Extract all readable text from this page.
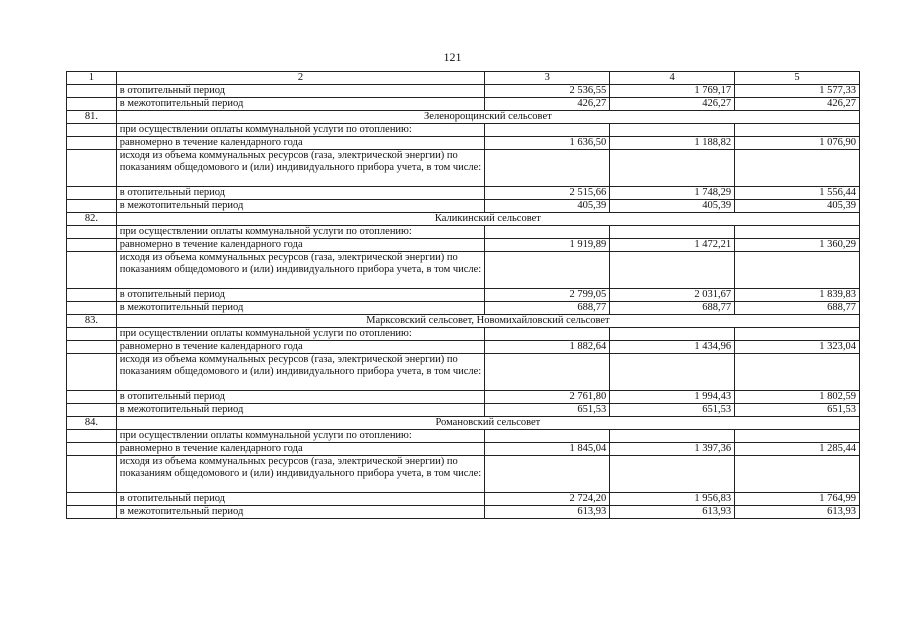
121
1	2	3	4	5
	в отопительный период	2 536,55	1 769,17	1 577,33
	в межотопительный период	426,27	426,27	426,27
81.	Зеленорощинский сельсовет			
	при осуществлении оплаты коммунальной услуги по отоплению:			
	равномерно в течение календарного года	1 636,50	1 188,82	1 076,90
	исходя из объема коммунальных ресурсов (газа, электрической энергии) по показаниям общедомового и (или) индивидуального прибора учета, в том числе:			
	в отопительный период	2 515,66	1 748,29	1 556,44
	в межотопительный период	405,39	405,39	405,39
82.	Каликинский сельсовет			
	при осуществлении оплаты коммунальной услуги по отоплению:			
	равномерно в течение календарного года	1 919,89	1 472,21	1 360,29
	исходя из объема коммунальных ресурсов (газа, электрической энергии) по показаниям общедомового и (или) индивидуального прибора учета, в том числе:			
	в отопительный период	2 799,05	2 031,67	1 839,83
	в межотопительный период	688,77	688,77	688,77
83.	Марксовский сельсовет, Новомихайловский сельсовет			
	при осуществлении оплаты коммунальной услуги по отоплению:			
	равномерно в течение календарного года	1 882,64	1 434,96	1 323,04
	исходя из объема коммунальных ресурсов (газа, электрической энергии) по показаниям общедомового и (или) индивидуального прибора учета, в том числе:			
	в отопительный период	2 761,80	1 994,43	1 802,59
	в межотопительный период	651,53	651,53	651,53
84.	Романовский сельсовет			
	при осуществлении оплаты коммунальной услуги по отоплению:			
	равномерно в течение календарного года	1 845,04	1 397,36	1 285,44
	исходя из объема коммунальных ресурсов (газа, электрической энергии) по показаниям общедомового и (или) индивидуального прибора учета, в том числе:			
	в отопительный период	2 724,20	1 956,83	1 764,99
	в межотопительный период	613,93	613,93	613,93
